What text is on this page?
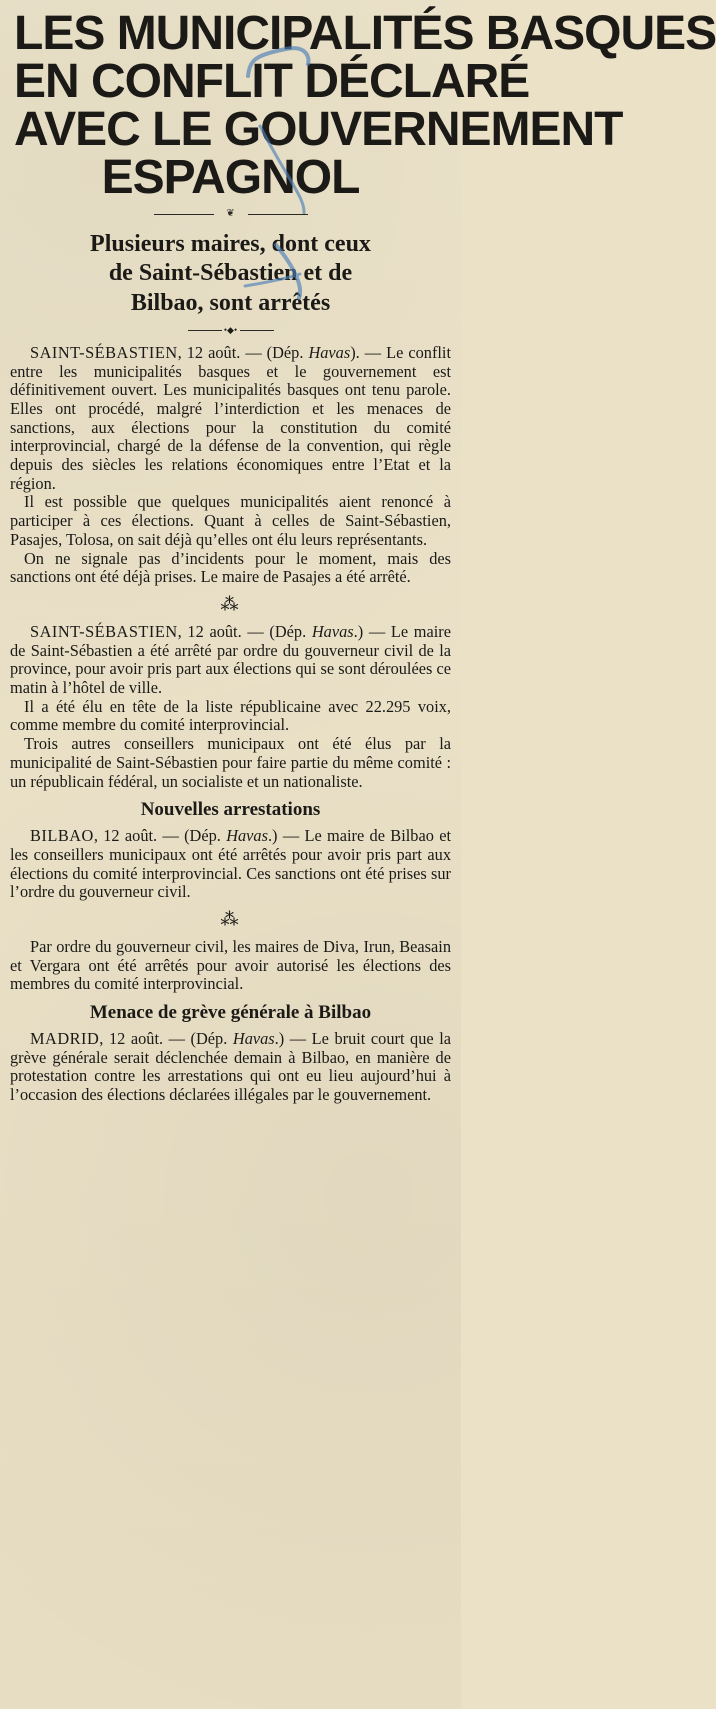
LES MUNICIPALITÉS BASQUES
EN CONFLIT DÉCLARÉ
AVEC LE GOUVERNEMENT
ESPAGNOL
❦
Plusieurs maires, dont ceux
de Saint-Sébastien et de
Bilbao, sont arrêtés
•◆•

SAINT-SÉBASTIEN, 12 août. — (Dép. Havas). — Le conflit entre les municipalités basques et le gouvernement est définitivement ouvert. Les municipalités basques ont tenu parole. Elles ont procédé, malgré l’interdiction et les menaces de sanctions, aux élections pour la constitution du comité interprovincial, chargé de la défense de la convention, qui règle depuis des siècles les relations économiques entre l’Etat et la région.

Il est possible que quelques municipalités aient renoncé à participer à ces élections. Quant à celles de Saint-Sébastien, Pasajes, Tolosa, on sait déjà qu’elles ont élu leurs représentants.

On ne signale pas d’incidents pour le moment, mais des sanctions ont été déjà prises. Le maire de Pasajes a été arrêté.

⁂

SAINT-SÉBASTIEN, 12 août. — (Dép. Havas.) — Le maire de Saint-Sébastien a été arrêté par ordre du gouverneur civil de la province, pour avoir pris part aux élections qui se sont déroulées ce matin à l’hôtel de ville.

Il a été élu en tête de la liste républicaine avec 22.295 voix, comme membre du comité interprovincial.

Trois autres conseillers municipaux ont été élus par la municipalité de Saint-Sébastien pour faire partie du même comité : un républicain fédéral, un socialiste et un nationaliste.

Nouvelles arrestations

BILBAO, 12 août. — (Dép. Havas.) — Le maire de Bilbao et les conseillers municipaux ont été arrêtés pour avoir pris part aux élections du comité interprovincial. Ces sanctions ont été prises sur l’ordre du gouverneur civil.

⁂

Par ordre du gouverneur civil, les maires de Diva, Irun, Beasain et Vergara ont été arrêtés pour avoir autorisé les élections des membres du comité interprovincial.

Menace de grève générale à Bilbao

MADRID, 12 août. — (Dép. Havas.) — Le bruit court que la grève générale serait déclenchée demain à Bilbao, en manière de protestation contre les arrestations qui ont eu lieu aujourd’hui à l’occasion des élections déclarées illégales par le gouvernement.
